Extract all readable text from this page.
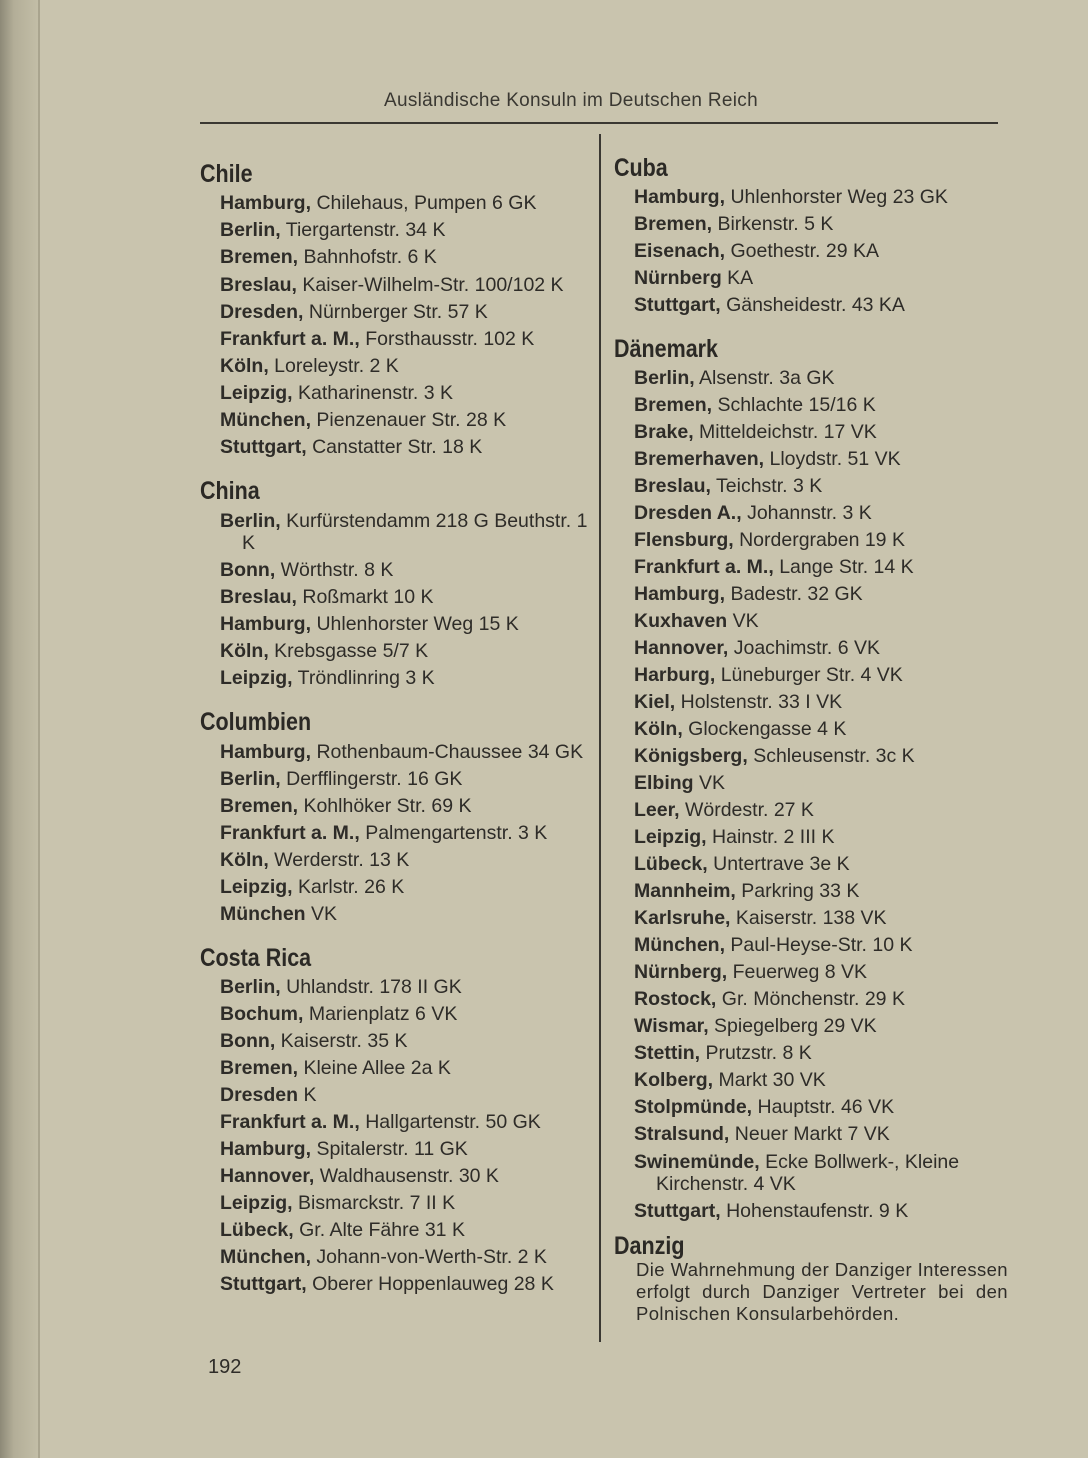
Ausländische Konsuln im Deutschen Reich
Chile
Hamburg, Chilehaus, Pumpen 6 GK
Berlin, Tiergartenstr. 34 K
Bremen, Bahnhofstr. 6 K
Breslau, Kaiser-Wilhelm-Str. 100/102 K
Dresden, Nürnberger Str. 57 K
Frankfurt a. M., Forsthausstr. 102 K
Köln, Loreleystr. 2 K
Leipzig, Katharinenstr. 3 K
München, Pienzenauer Str. 28 K
Stuttgart, Canstatter Str. 18 K
China
Berlin, Kurfürstendamm 218 G Beuthstr. 1 K
Bonn, Wörthstr. 8 K
Breslau, Roßmarkt 10 K
Hamburg, Uhlenhorster Weg 15 K
Köln, Krebsgasse 5/7 K
Leipzig, Tröndlinring 3 K
Columbien
Hamburg, Rothenbaum-Chaussee 34 GK
Berlin, Derfflingerstr. 16 GK
Bremen, Kohlhöker Str. 69 K
Frankfurt a. M., Palmengartenstr. 3 K
Köln, Werderstr. 13 K
Leipzig, Karlstr. 26 K
München VK
Costa Rica
Berlin, Uhlandstr. 178 II GK
Bochum, Marienplatz 6 VK
Bonn, Kaiserstr. 35 K
Bremen, Kleine Allee 2a K
Dresden K
Frankfurt a. M., Hallgartenstr. 50 GK
Hamburg, Spitalerstr. 11 GK
Hannover, Waldhausenstr. 30 K
Leipzig, Bismarckstr. 7 II K
Lübeck, Gr. Alte Fähre 31 K
München, Johann-von-Werth-Str. 2 K
Stuttgart, Oberer Hoppenlauweg 28 K
Cuba
Hamburg, Uhlenhorster Weg 23 GK
Bremen, Birkenstr. 5 K
Eisenach, Goethestr. 29 KA
Nürnberg KA
Stuttgart, Gänsheidestr. 43 KA
Dänemark
Berlin, Alsenstr. 3a GK
Bremen, Schlachte 15/16 K
Brake, Mitteldeichstr. 17 VK
Bremerhaven, Lloydstr. 51 VK
Breslau, Teichstr. 3 K
Dresden A., Johannstr. 3 K
Flensburg, Nordergraben 19 K
Frankfurt a. M., Lange Str. 14 K
Hamburg, Badestr. 32 GK
Kuxhaven VK
Hannover, Joachimstr. 6 VK
Harburg, Lüneburger Str. 4 VK
Kiel, Holstenstr. 33 I VK
Köln, Glockengasse 4 K
Königsberg, Schleusenstr. 3c K
Elbing VK
Leer, Wördestr. 27 K
Leipzig, Hainstr. 2 III K
Lübeck, Untertrave 3e K
Mannheim, Parkring 33 K
Karlsruhe, Kaiserstr. 138 VK
München, Paul-Heyse-Str. 10 K
Nürnberg, Feuerweg 8 VK
Rostock, Gr. Mönchenstr. 29 K
Wismar, Spiegelberg 29 VK
Stettin, Prutzstr. 8 K
Kolberg, Markt 30 VK
Stolpmünde, Hauptstr. 46 VK
Stralsund, Neuer Markt 7 VK
Swinemünde, Ecke Bollwerk-, Kleine Kirchenstr. 4 VK
Stuttgart, Hohenstaufenstr. 9 K
Danzig

Die Wahrnehmung der Danziger Interessen erfolgt durch Danziger Vertreter bei den Polnischen Konsularbehörden.

192
